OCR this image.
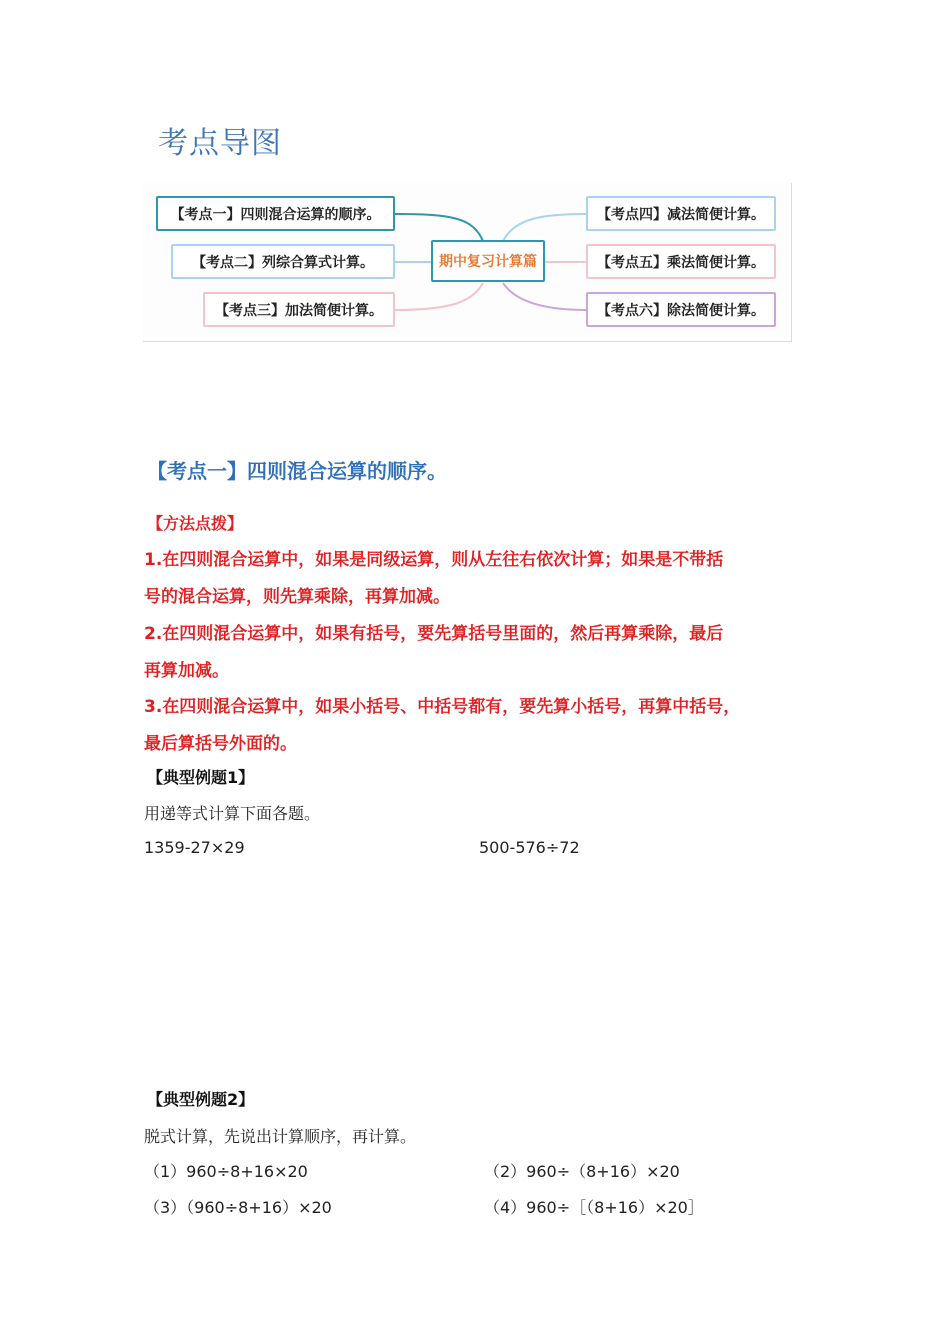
考点导图
【考点一】四则混合运算的顺序。
【考点二】列综合算式计算。
【考点三】加法简便计算。
期中复习计算篇
【考点四】减法简便计算。
【考点五】乘法简便计算。
【考点六】除法简便计算。
【考点一】四则混合运算的顺序。
【方法点拨】
1.在四则混合运算中，如果是同级运算，则从左往右依次计算；如果是不带括
号的混合运算，则先算乘除，再算加减。
2.在四则混合运算中，如果有括号，要先算括号里面的，然后再算乘除，最后
再算加减。
3.在四则混合运算中，如果小括号、中括号都有，要先算小括号，再算中括号，
最后算括号外面的。
【典型例题1】
用递等式计算下面各题。
1359-27×29	500-576÷72
【典型例题2】
脱式计算，先说出计算顺序，再计算。
（1）960÷8+16×20	（2）960÷（8+16）×20
（3）（960÷8+16）×20	（4）960÷［（8+16）×20］
